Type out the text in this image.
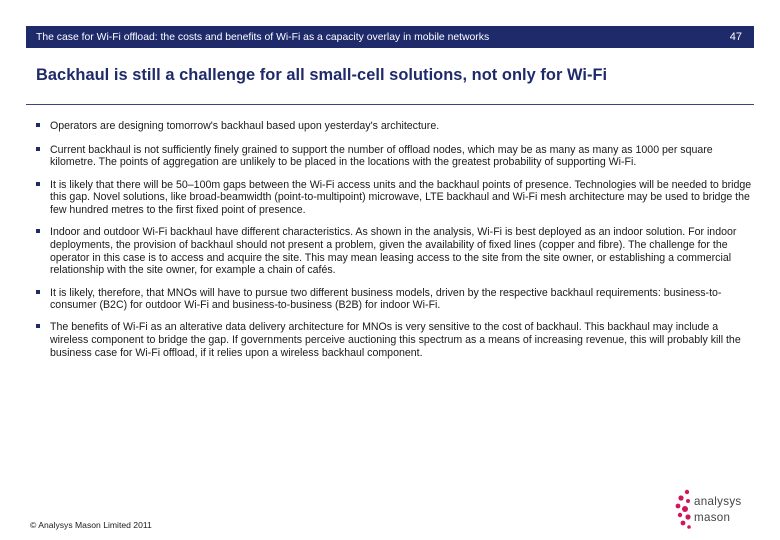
The case for Wi-Fi offload: the costs and benefits of Wi-Fi as a capacity overlay in mobile networks	47
Backhaul is still a challenge for all small-cell solutions, not only for Wi-Fi
Operators are designing tomorrow's backhaul based upon yesterday's architecture.
Current backhaul is not sufficiently finely grained to support the number of offload nodes, which may be as many as many as 1000 per square kilometre. The points of aggregation are unlikely to be placed in the locations with the greatest probability of supporting Wi-Fi.
It is likely that there will be 50–100m gaps between the Wi-Fi access units and the backhaul points of presence. Technologies will be needed to bridge this gap. Novel solutions, like broad-beamwidth (point-to-multipoint) microwave, LTE backhaul and Wi-Fi mesh architecture may be used to bridge the few hundred metres to the first fixed point of presence.
Indoor and outdoor Wi-Fi backhaul have different characteristics. As shown in the analysis, Wi-Fi is best deployed as an indoor solution. For indoor deployments, the provision of backhaul should not present a problem, given the availability of fixed lines (copper and fibre). The challenge for the operator in this case is to access and acquire the site. This may mean leasing access to the site from the site owner, or establishing a commercial relationship with the site owner, for example a chain of cafés.
It is likely, therefore, that MNOs will have to pursue two different business models, driven by the respective backhaul requirements: business-to-consumer (B2C) for outdoor Wi-Fi and business-to-business (B2B) for indoor Wi-Fi.
The benefits of Wi-Fi as an alterative data delivery architecture for MNOs is very sensitive to the cost of backhaul. This backhaul may include a wireless component to bridge the gap. If governments perceive auctioning this spectrum as a means of increasing revenue, this will probably kill the business case for Wi-Fi offload, if it relies upon a wireless backhaul component.
© Analysys Mason Limited 2011
analysys
mason
